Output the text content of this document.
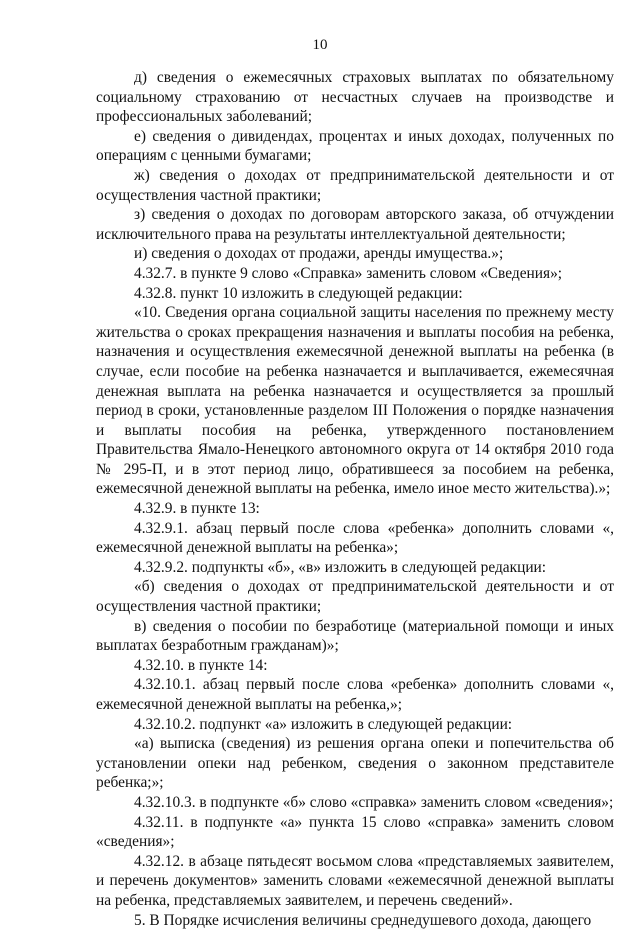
10

д) сведения о ежемесячных страховых выплатах по обязательному социальному страхованию от несчастных случаев на производстве и профессиональных заболеваний;

е) сведения о дивидендах, процентах и иных доходах, полученных по операциям с ценными бумагами;

ж) сведения о доходах от предпринимательской деятельности и от осуществления частной практики;

з) сведения о доходах по договорам авторского заказа, об отчуждении исключительного права на результаты интеллектуальной деятельности;

и) сведения о доходах от продажи, аренды имущества.»;

4.32.7. в пункте 9 слово «Справка» заменить словом «Сведения»;

4.32.8. пункт 10 изложить в следующей редакции:

«10. Сведения органа социальной защиты населения по прежнему месту жительства о сроках прекращения назначения и выплаты пособия на ребенка, назначения и осуществления ежемесячной денежной выплаты на ребенка (в случае, если пособие на ребенка назначается и выплачивается, ежемесячная денежная выплата на ребенка назначается и осуществляется за прошлый период в сроки, установленные разделом III Положения о порядке назначения и выплаты пособия на ребенка, утвержденного постановлением Правительства Ямало-Ненецкого автономного округа от 14 октября 2010 года № 295-П, и в этот период лицо, обратившееся за пособием на ребенка, ежемесячной денежной выплаты на ребенка, имело иное место жительства).»;

4.32.9. в пункте 13:

4.32.9.1. абзац первый после слова «ребенка» дополнить словами «, ежемесячной денежной выплаты на ребенка»;

4.32.9.2. подпункты «б», «в» изложить в следующей редакции:

«б) сведения о доходах от предпринимательской деятельности и от осуществления частной практики;

в) сведения о пособии по безработице (материальной помощи и иных выплатах безработным гражданам)»;

4.32.10. в пункте 14:

4.32.10.1. абзац первый после слова «ребенка» дополнить словами «, ежемесячной денежной выплаты на ребенка,»;

4.32.10.2. подпункт «а» изложить в следующей редакции:

«а) выписка (сведения) из решения органа опеки и попечительства об установлении опеки над ребенком, сведения о законном представителе ребенка;»;

4.32.10.3. в подпункте «б» слово «справка» заменить словом «сведения»;

4.32.11. в подпункте «а» пункта 15 слово «справка» заменить словом «сведения»;

4.32.12. в абзаце пятьдесят восьмом слова «представляемых заявителем, и перечень документов» заменить словами «ежемесячной денежной выплаты на ребенка, представляемых заявителем, и перечень сведений».

5. В Порядке исчисления величины среднедушевого дохода, дающего
